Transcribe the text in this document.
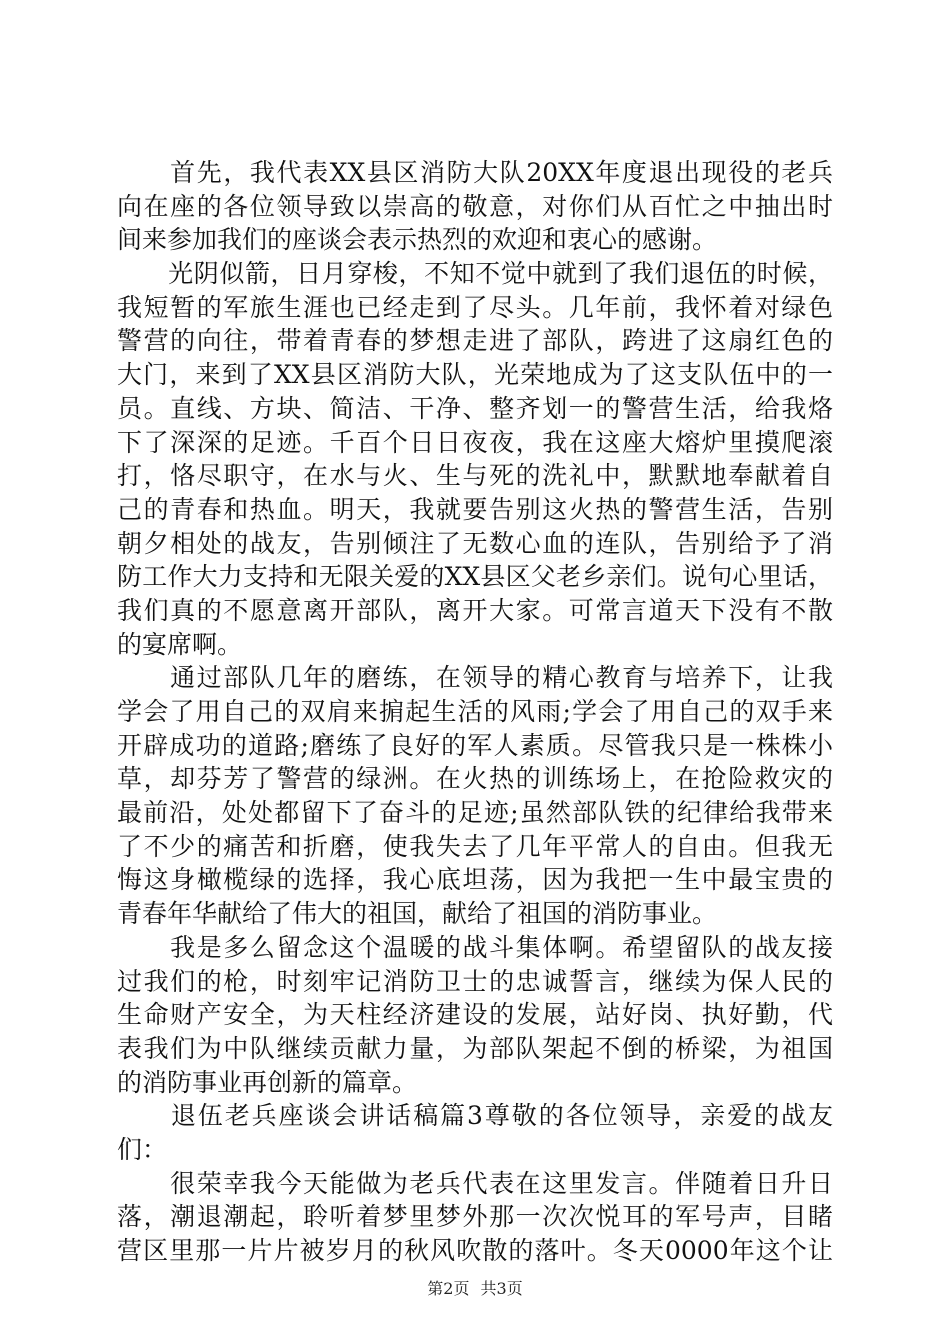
　　首先，我代表XX县区消防大队20XX年度退出现役的老兵
向在座的各位领导致以崇高的敬意，对你们从百忙之中抽出时
间来参加我们的座谈会表示热烈的欢迎和衷心的感谢。
　　光阴似箭，日月穿梭，不知不觉中就到了我们退伍的时候，
我短暂的军旅生涯也已经走到了尽头。几年前，我怀着对绿色
警营的向往，带着青春的梦想走进了部队，跨进了这扇红色的
大门，来到了XX县区消防大队，光荣地成为了这支队伍中的一
员。直线、方块、简洁、干净、整齐划一的警营生活，给我烙
下了深深的足迹。千百个日日夜夜，我在这座大熔炉里摸爬滚
打，恪尽职守，在水与火、生与死的洗礼中，默默地奉献着自
己的青春和热血。明天，我就要告别这火热的警营生活，告别
朝夕相处的战友，告别倾注了无数心血的连队，告别给予了消
防工作大力支持和无限关爱的XX县区父老乡亲们。说句心里话，
我们真的不愿意离开部队，离开大家。可常言道天下没有不散
的宴席啊。
　　通过部队几年的磨练，在领导的精心教育与培养下，让我
学会了用自己的双肩来掮起生活的风雨;学会了用自己的双手来
开辟成功的道路;磨练了良好的军人素质。尽管我只是一株株小
草，却芬芳了警营的绿洲。在火热的训练场上，在抢险救灾的
最前沿，处处都留下了奋斗的足迹;虽然部队铁的纪律给我带来
了不少的痛苦和折磨，使我失去了几年平常人的自由。但我无
悔这身橄榄绿的选择，我心底坦荡，因为我把一生中最宝贵的
青春年华献给了伟大的祖国，献给了祖国的消防事业。
　　我是多么留念这个温暖的战斗集体啊。希望留队的战友接
过我们的枪，时刻牢记消防卫士的忠诚誓言，继续为保人民的
生命财产安全，为天柱经济建设的发展，站好岗、执好勤，代
表我们为中队继续贡献力量，为部队架起不倒的桥梁，为祖国
的消防事业再创新的篇章。
　　退伍老兵座谈会讲话稿篇3尊敬的各位领导，亲爱的战友
们：
　　很荣幸我今天能做为老兵代表在这里发言。伴随着日升日
落，潮退潮起，聆听着梦里梦外那一次次悦耳的军号声，目睹
营区里那一片片被岁月的秋风吹散的落叶。冬天0000年这个让
第2页 共3页
